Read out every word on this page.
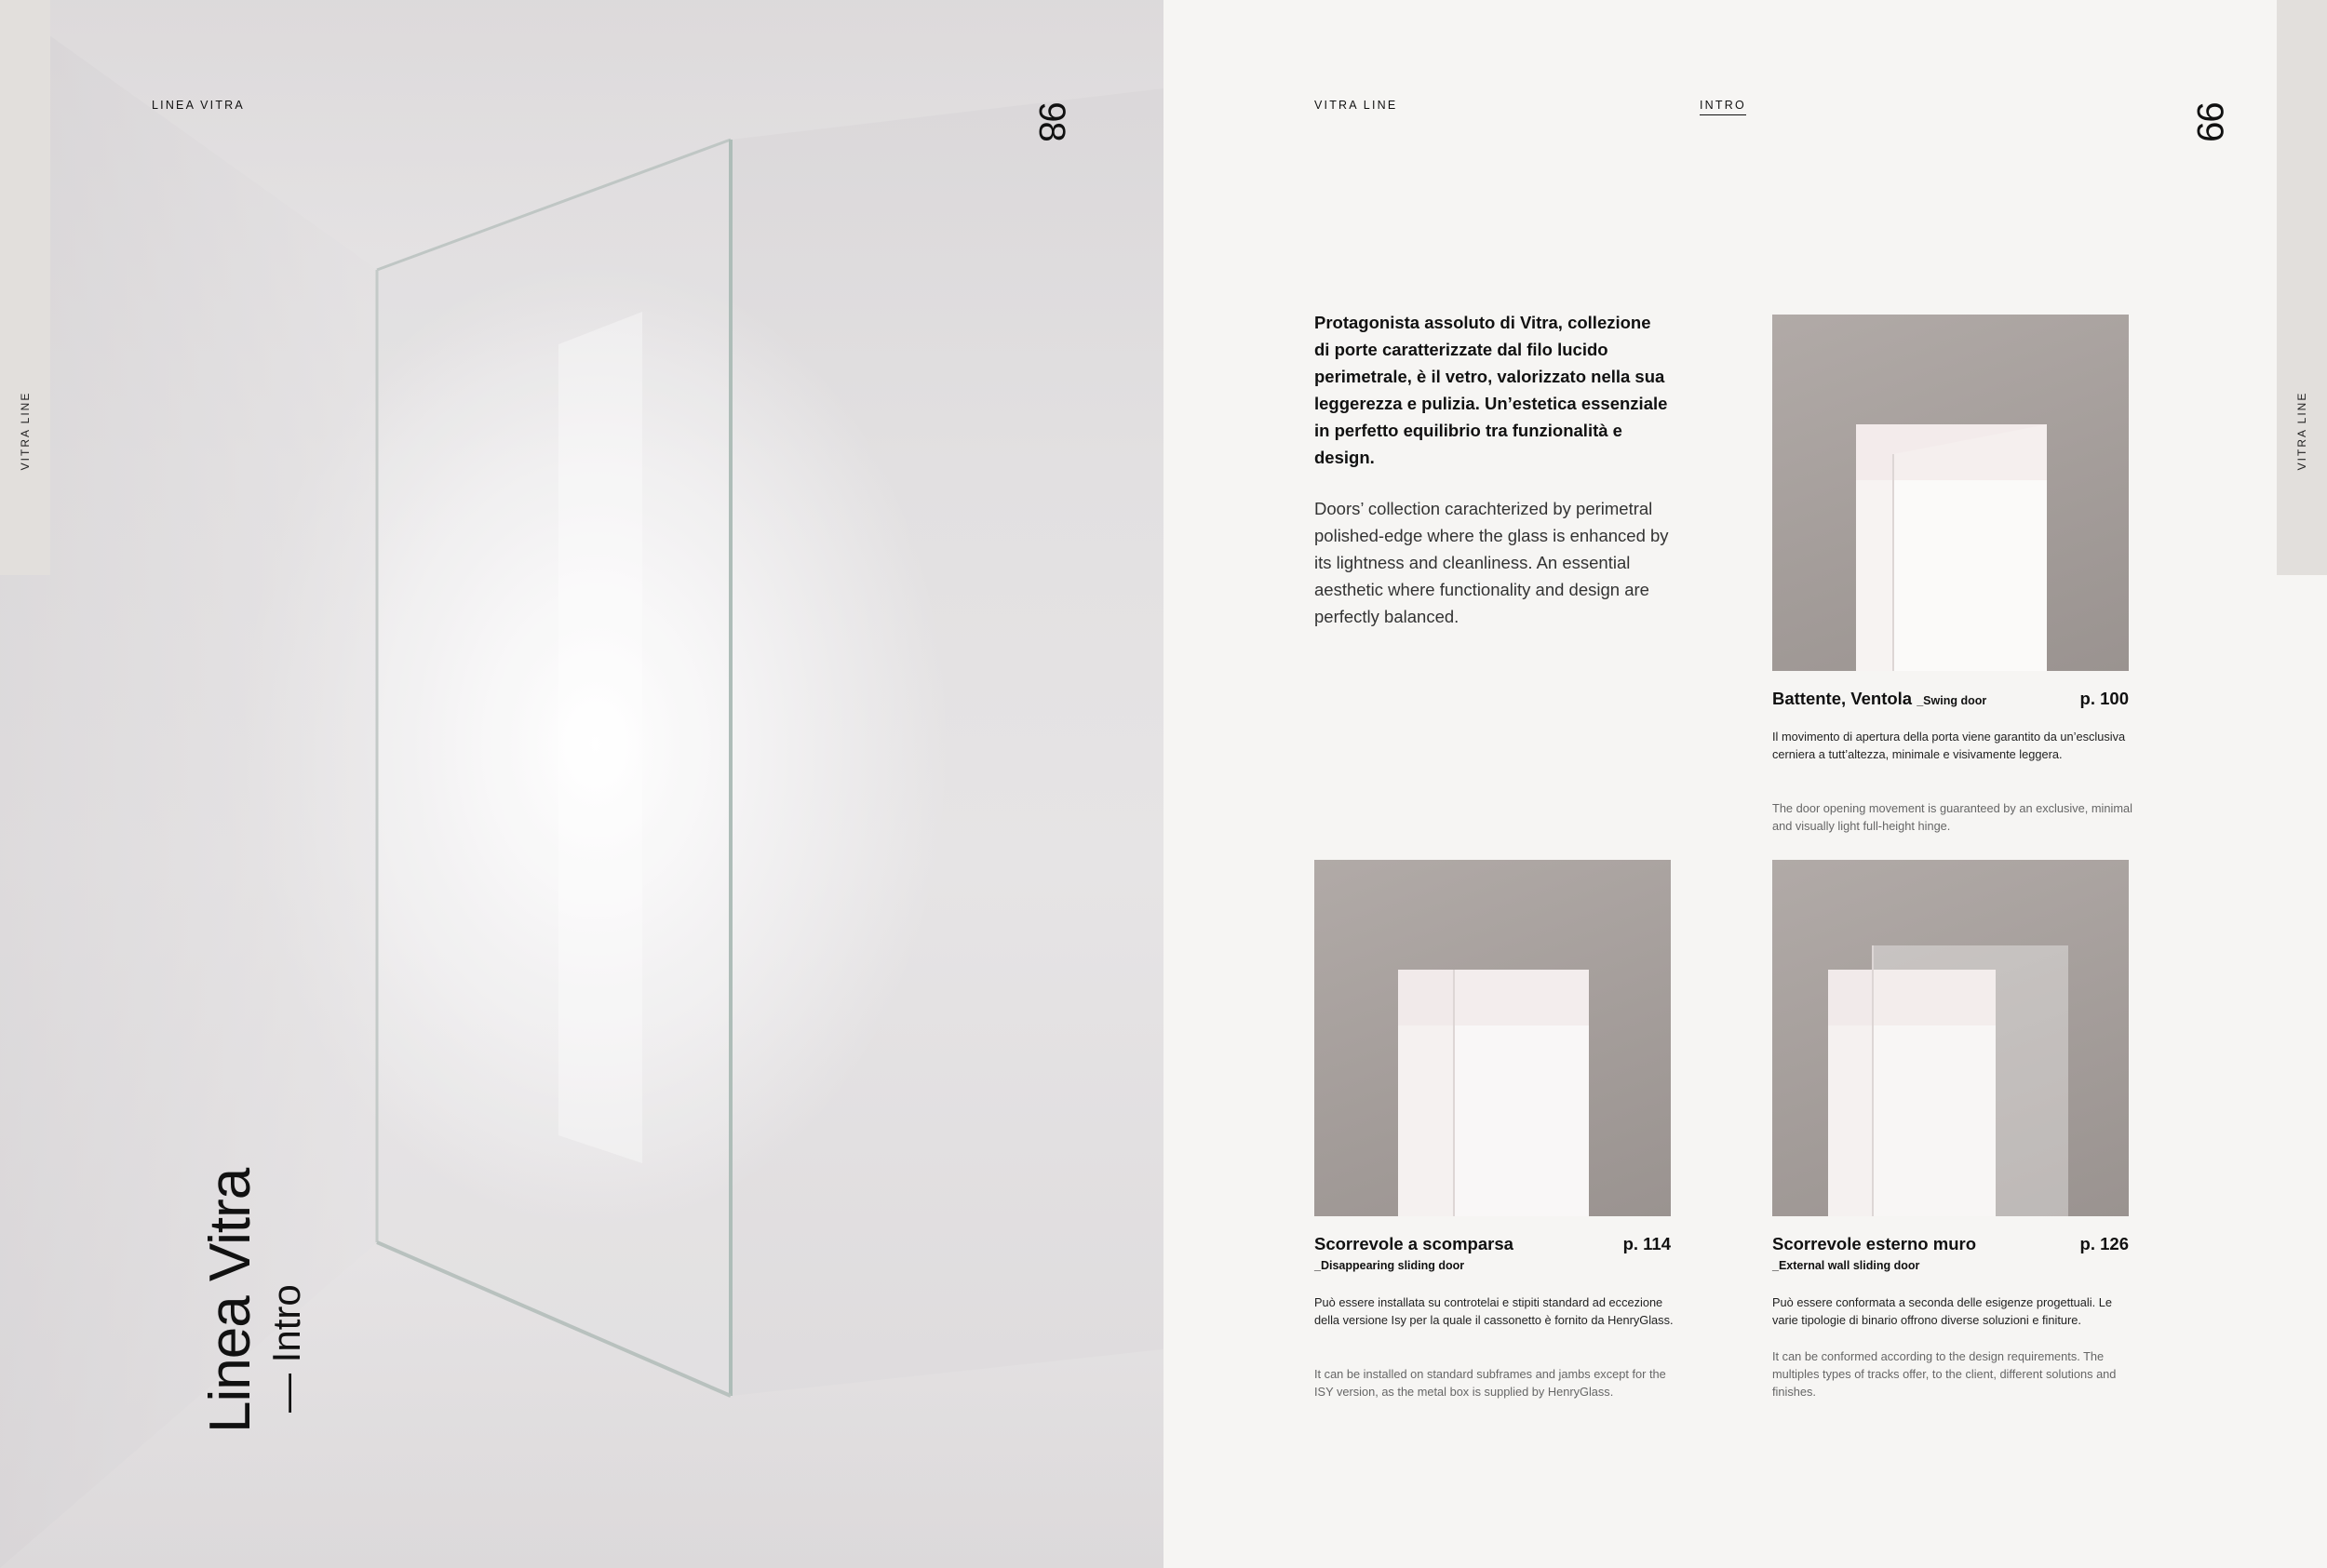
VITRA LINE
LINEA VITRA	98
Linea Vitra — Intro
VITRA LINE	INTRO	99
VITRA LINE
Protagonista assoluto di Vitra, collezione di porte caratterizzate dal filo lucido perimetrale, è il vetro, valorizzato nella sua leggerezza e pulizia. Un’estetica essenziale in perfetto equilibrio tra funzionalità e design.
Doors’ collection carachterized by perimetral polished-edge where the glass is enhanced by its lightness and cleanliness. An essential aesthetic where functionality and design are perfectly balanced.
Battente, Ventola _Swing door	p. 100
Il movimento di apertura della porta viene garantito da un’esclusiva cerniera a tutt’altezza, minimale e visivamente leggera.
The door opening movement is guaranteed by an exclusive, minimal and visually light full-height hinge.
Scorrevole a scomparsa
_Disappearing sliding door
p. 114
Può essere installata su controtelai e stipiti standard ad eccezione della versione Isy per la quale il cassonetto è fornito da HenryGlass.
It can be installed on standard subframes and jambs except for the ISY version, as the metal box is supplied by HenryGlass.
Scorrevole esterno muro
_External wall sliding door
p. 126
Può essere conformata a seconda delle esigenze progettuali. Le varie tipologie di binario offrono diverse soluzioni e finiture.
It can be conformed according to the design requirements. The multiples types of tracks offer, to the client, different solutions and finishes.
